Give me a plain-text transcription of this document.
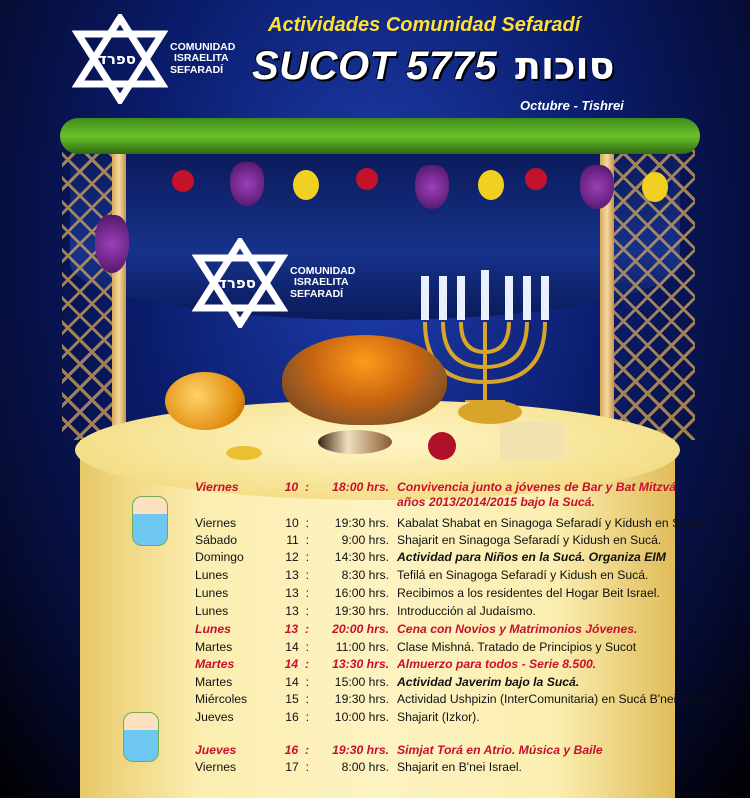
ספרד
COMUNIDAD
ISRAELITA
SEFARADÍ
Actividades Comunidad Sefaradí
SUCOT 5775 סוכות
Octubre - Tishrei
ספרד
COMUNIDAD
ISRAELITA
SEFARADÍ
Viernes	10  :	18:00 hrs. Convivencia junto a jóvenes de Bar y Bat Mitzvá
años 2013/2014/2015 bajo la Sucá.
Viernes	10  :	19:30 hrs. Kabalat Shabat en Sinagoga Sefaradí y Kidush en Sucá.
Sábado	11  :	9:00 hrs. Shajarit en Sinagoga Sefaradí y Kidush en Sucá.
Domingo	12  :	14:30 hrs. Actividad para Niños en la Sucá. Organiza EIM
Lunes	13  :	8:30 hrs. Tefilá en Sinagoga Sefaradí y Kidush en Sucá.
Lunes	13  :	16:00 hrs. Recibimos a los residentes del Hogar Beit Israel.
Lunes	13  :	19:30 hrs. Introducción al Judaísmo.
Lunes	13  :	20:00 hrs. Cena con Novios y Matrimonios Jóvenes.
Martes	14  :	11:00 hrs. Clase Mishná. Tratado de Principios y Sucot
Martes	14  :	13:30 hrs. Almuerzo para todos - Serie 8.500.
Martes	14  :	15:00 hrs. Actividad Javerim bajo la Sucá.
Miércoles	15  :	19:30 hrs. Actividad Ushpizin (InterComunitaria) en Sucá B'nei Israel.
Jueves	16  :	10:00 hrs. Shajarit (Izkor).
Jueves	16  :	19:30 hrs. Simjat Torá en Atrio. Música y Baile
Viernes	17  :	8:00 hrs. Shajarit en B'nei Israel.
